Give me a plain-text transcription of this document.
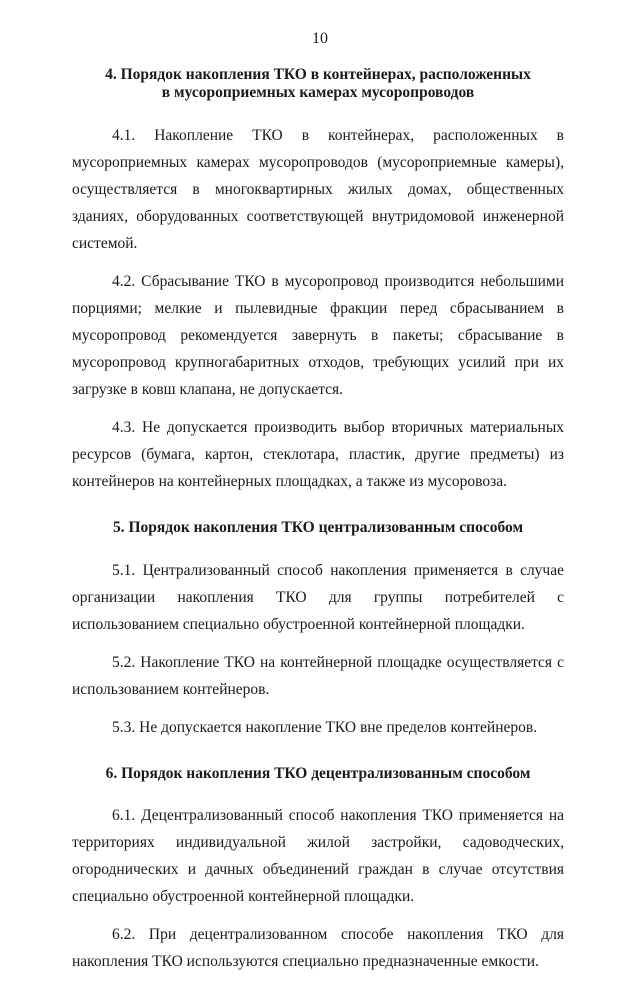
10
4. Порядок накопления ТКО в контейнерах, расположенных
в мусороприемных камерах мусоропроводов

4.1. Накопление ТКО в контейнерах, расположенных в мусороприемных камерах мусоропроводов (мусороприемные камеры), осуществляется в многоквартирных жилых домах, общественных зданиях, оборудованных соответствующей внутридомовой инженерной системой.

4.2. Сбрасывание ТКО в мусоропровод производится небольшими порциями; мелкие и пылевидные фракции перед сбрасыванием в мусоропровод рекомендуется завернуть в пакеты; сбрасывание в мусоропровод крупногабаритных отходов, требующих усилий при их загрузке в ковш клапана, не допускается.

4.3. Не допускается производить выбор вторичных материальных ресурсов (бумага, картон, стеклотара, пластик, другие предметы) из контейнеров на контейнерных площадках, а также из мусоровоза.

5. Порядок накопления ТКО централизованным способом

5.1. Централизованный способ накопления применяется в случае организации накопления ТКО для группы потребителей с использованием специально обустроенной контейнерной площадки.

5.2. Накопление ТКО на контейнерной площадке осуществляется с использованием контейнеров.

5.3. Не допускается накопление ТКО вне пределов контейнеров.

6. Порядок накопления ТКО децентрализованным способом

6.1. Децентрализованный способ накопления ТКО применяется на территориях индивидуальной жилой застройки, садоводческих, огороднических и дачных объединений граждан в случае отсутствия специально обустроенной контейнерной площадки.

6.2. При децентрализованном способе накопления ТКО для накопления ТКО используются специально предназначенные емкости.
